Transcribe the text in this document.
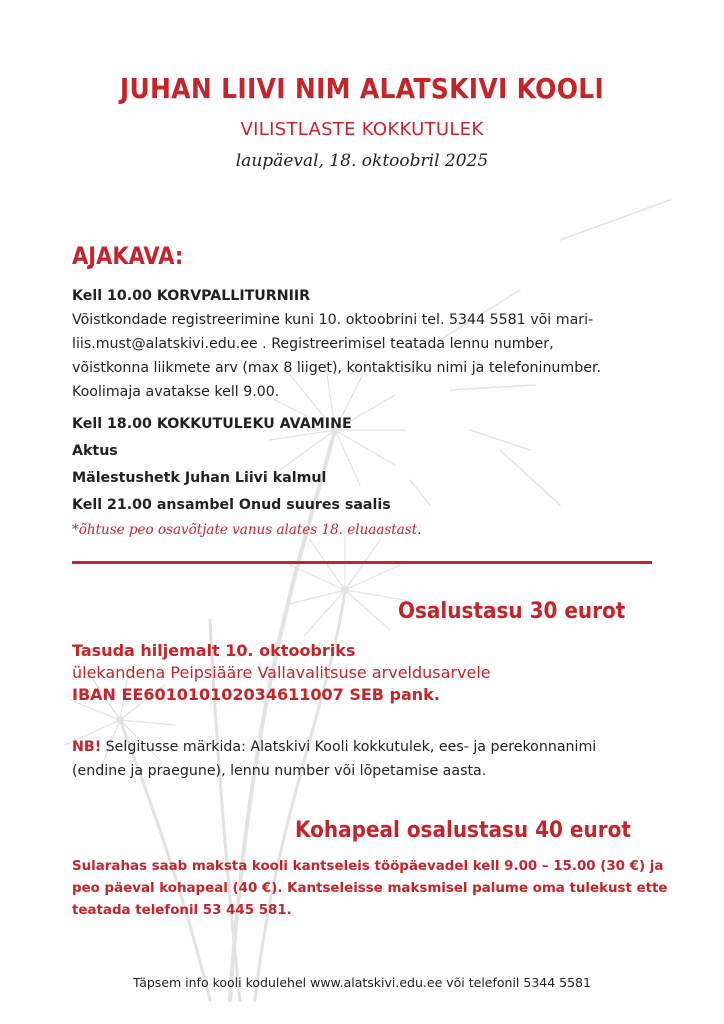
JUHAN LIIVI NIM ALATSKIVI KOOLI
VILISTLASTE KOKKUTULEK
laupäeval, 18. oktoobril 2025
AJAKAVA:
Kell 10.00 KORVPALLITURNIIR
Võistkondade registreerimine kuni 10. oktoobrini tel. 5344 5581 või mari-
liis.must@alatskivi.edu.ee . Registreerimisel teatada lennu number,
võistkonna liikmete arv (max 8 liiget), kontaktisiku nimi ja telefoninumber.
Koolimaja avatakse kell 9.00.
Kell 18.00 KOKKUTULEKU AVAMINE
Aktus
Mälestushetk Juhan Liivi kalmul
Kell 21.00 ansambel Onud suures saalis
*õhtuse peo osavõtjate vanus alates 18. eluaastast.
Osalustasu 30 eurot
Tasuda hiljemalt 10. oktoobriks
ülekandena Peipsiääre Vallavalitsuse arveldusarvele
IBAN EE601010102034611007 SEB pank.
NB! Selgitusse märkida: Alatskivi Kooli kokkutulek, ees- ja perekonnanimi
(endine ja praegune), lennu number või lõpetamise aasta.
Kohapeal osalustasu 40 eurot
Sularahas saab maksta kooli kantseleis tööpäevadel kell 9.00 – 15.00 (30 €) ja
peo päeval kohapeal (40 €). Kantseleisse maksmisel palume oma tulekust ette
teatada telefonil 53 445 581.
Täpsem info kooli kodulehel www.alatskivi.edu.ee või telefonil 5344 5581
